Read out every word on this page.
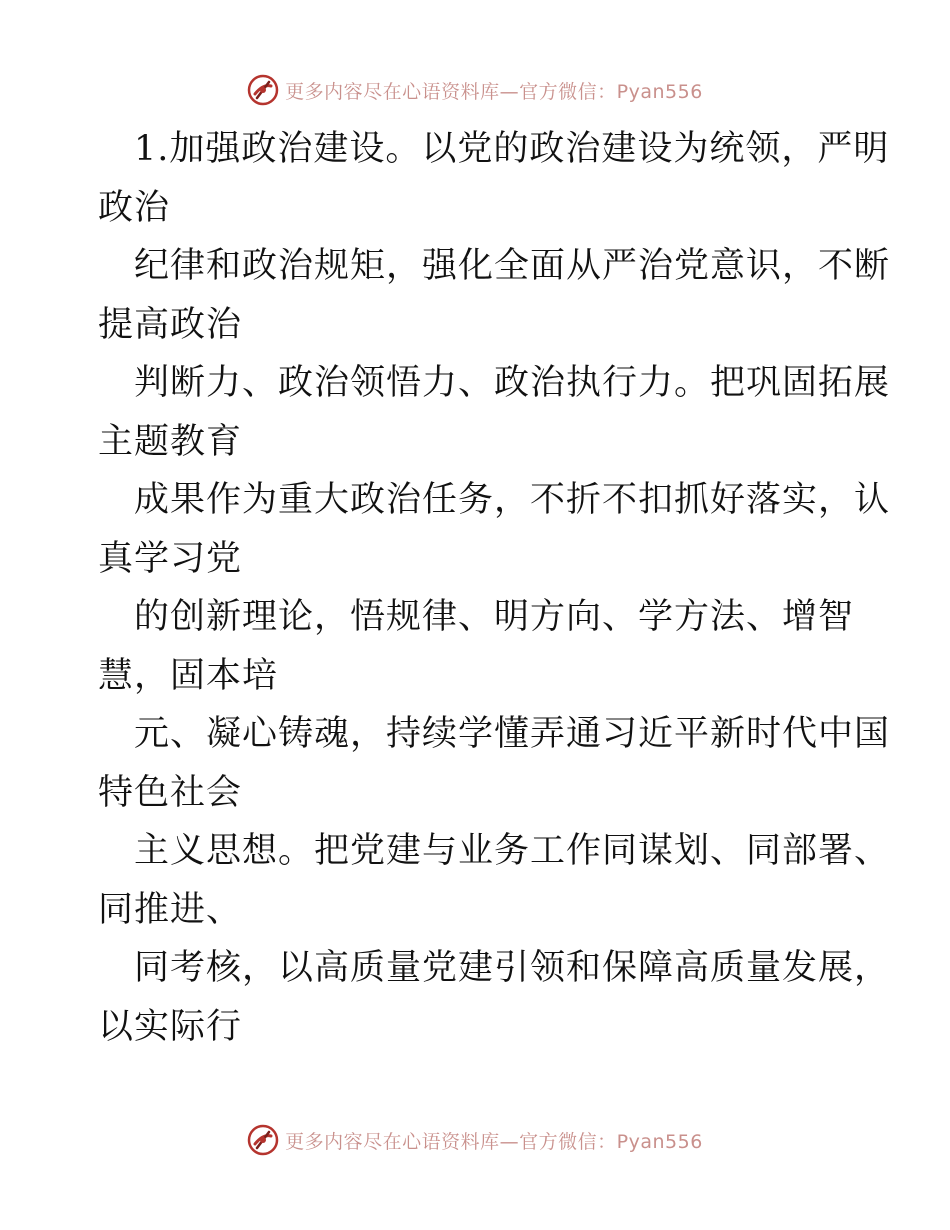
更多内容尽在心语资料库—官方微信：Pyan556
1.加强政治建设。以党的政治建设为统领，严明
政治
纪律和政治规矩，强化全面从严治党意识，不断
提高政治
判断力、政治领悟力、政治执行力。把巩固拓展
主题教育
成果作为重大政治任务，不折不扣抓好落实，认
真学习党
的创新理论，悟规律、明方向、学方法、增智
慧，固本培
元、凝心铸魂，持续学懂弄通习近平新时代中国
特色社会
主义思想。把党建与业务工作同谋划、同部署、
同推进、
同考核，以高质量党建引领和保障高质量发展，
以实际行
更多内容尽在心语资料库—官方微信：Pyan556
